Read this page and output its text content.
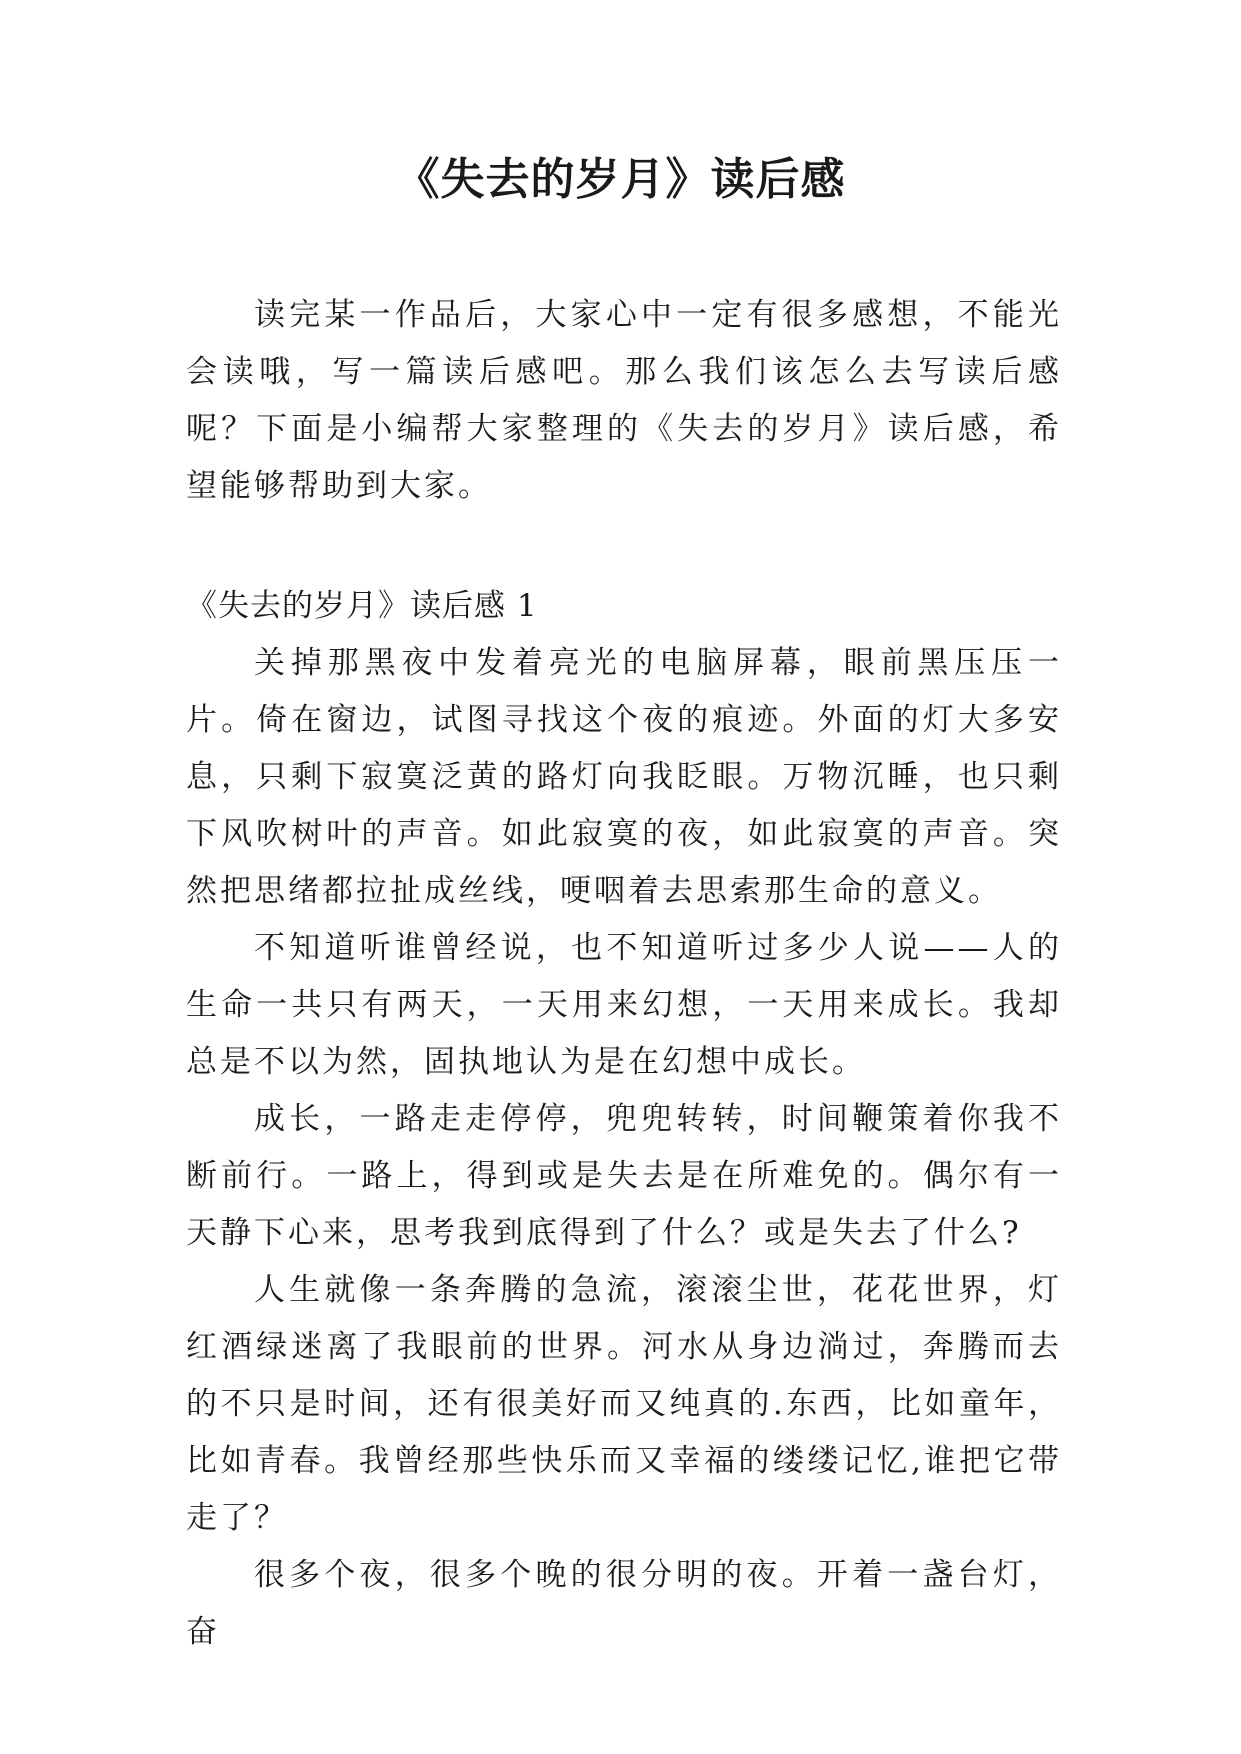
《失去的岁月》读后感

读完某一作品后，大家心中一定有很多感想，不能光会读哦，写一篇读后感吧。那么我们该怎么去写读后感呢？下面是小编帮大家整理的《失去的岁月》读后感，希望能够帮助到大家。

《失去的岁月》读后感 1

关掉那黑夜中发着亮光的电脑屏幕，眼前黑压压一片。倚在窗边，试图寻找这个夜的痕迹。外面的灯大多安息，只剩下寂寞泛黄的路灯向我眨眼。万物沉睡，也只剩下风吹树叶的声音。如此寂寞的夜，如此寂寞的声音。突然把思绪都拉扯成丝线，哽咽着去思索那生命的意义。

不知道听谁曾经说，也不知道听过多少人说——人的生命一共只有两天，一天用来幻想，一天用来成长。我却总是不以为然，固执地认为是在幻想中成长。

成长，一路走走停停，兜兜转转，时间鞭策着你我不断前行。一路上，得到或是失去是在所难免的。偶尔有一天静下心来，思考我到底得到了什么？或是失去了什么?

人生就像一条奔腾的急流，滚滚尘世，花花世界，灯红酒绿迷离了我眼前的世界。河水从身边淌过，奔腾而去的不只是时间，还有很美好而又纯真的.东西，比如童年，比如青春。我曾经那些快乐而又幸福的缕缕记忆,谁把它带走了？

很多个夜，很多个晚的很分明的夜。开着一盏台灯，奋
